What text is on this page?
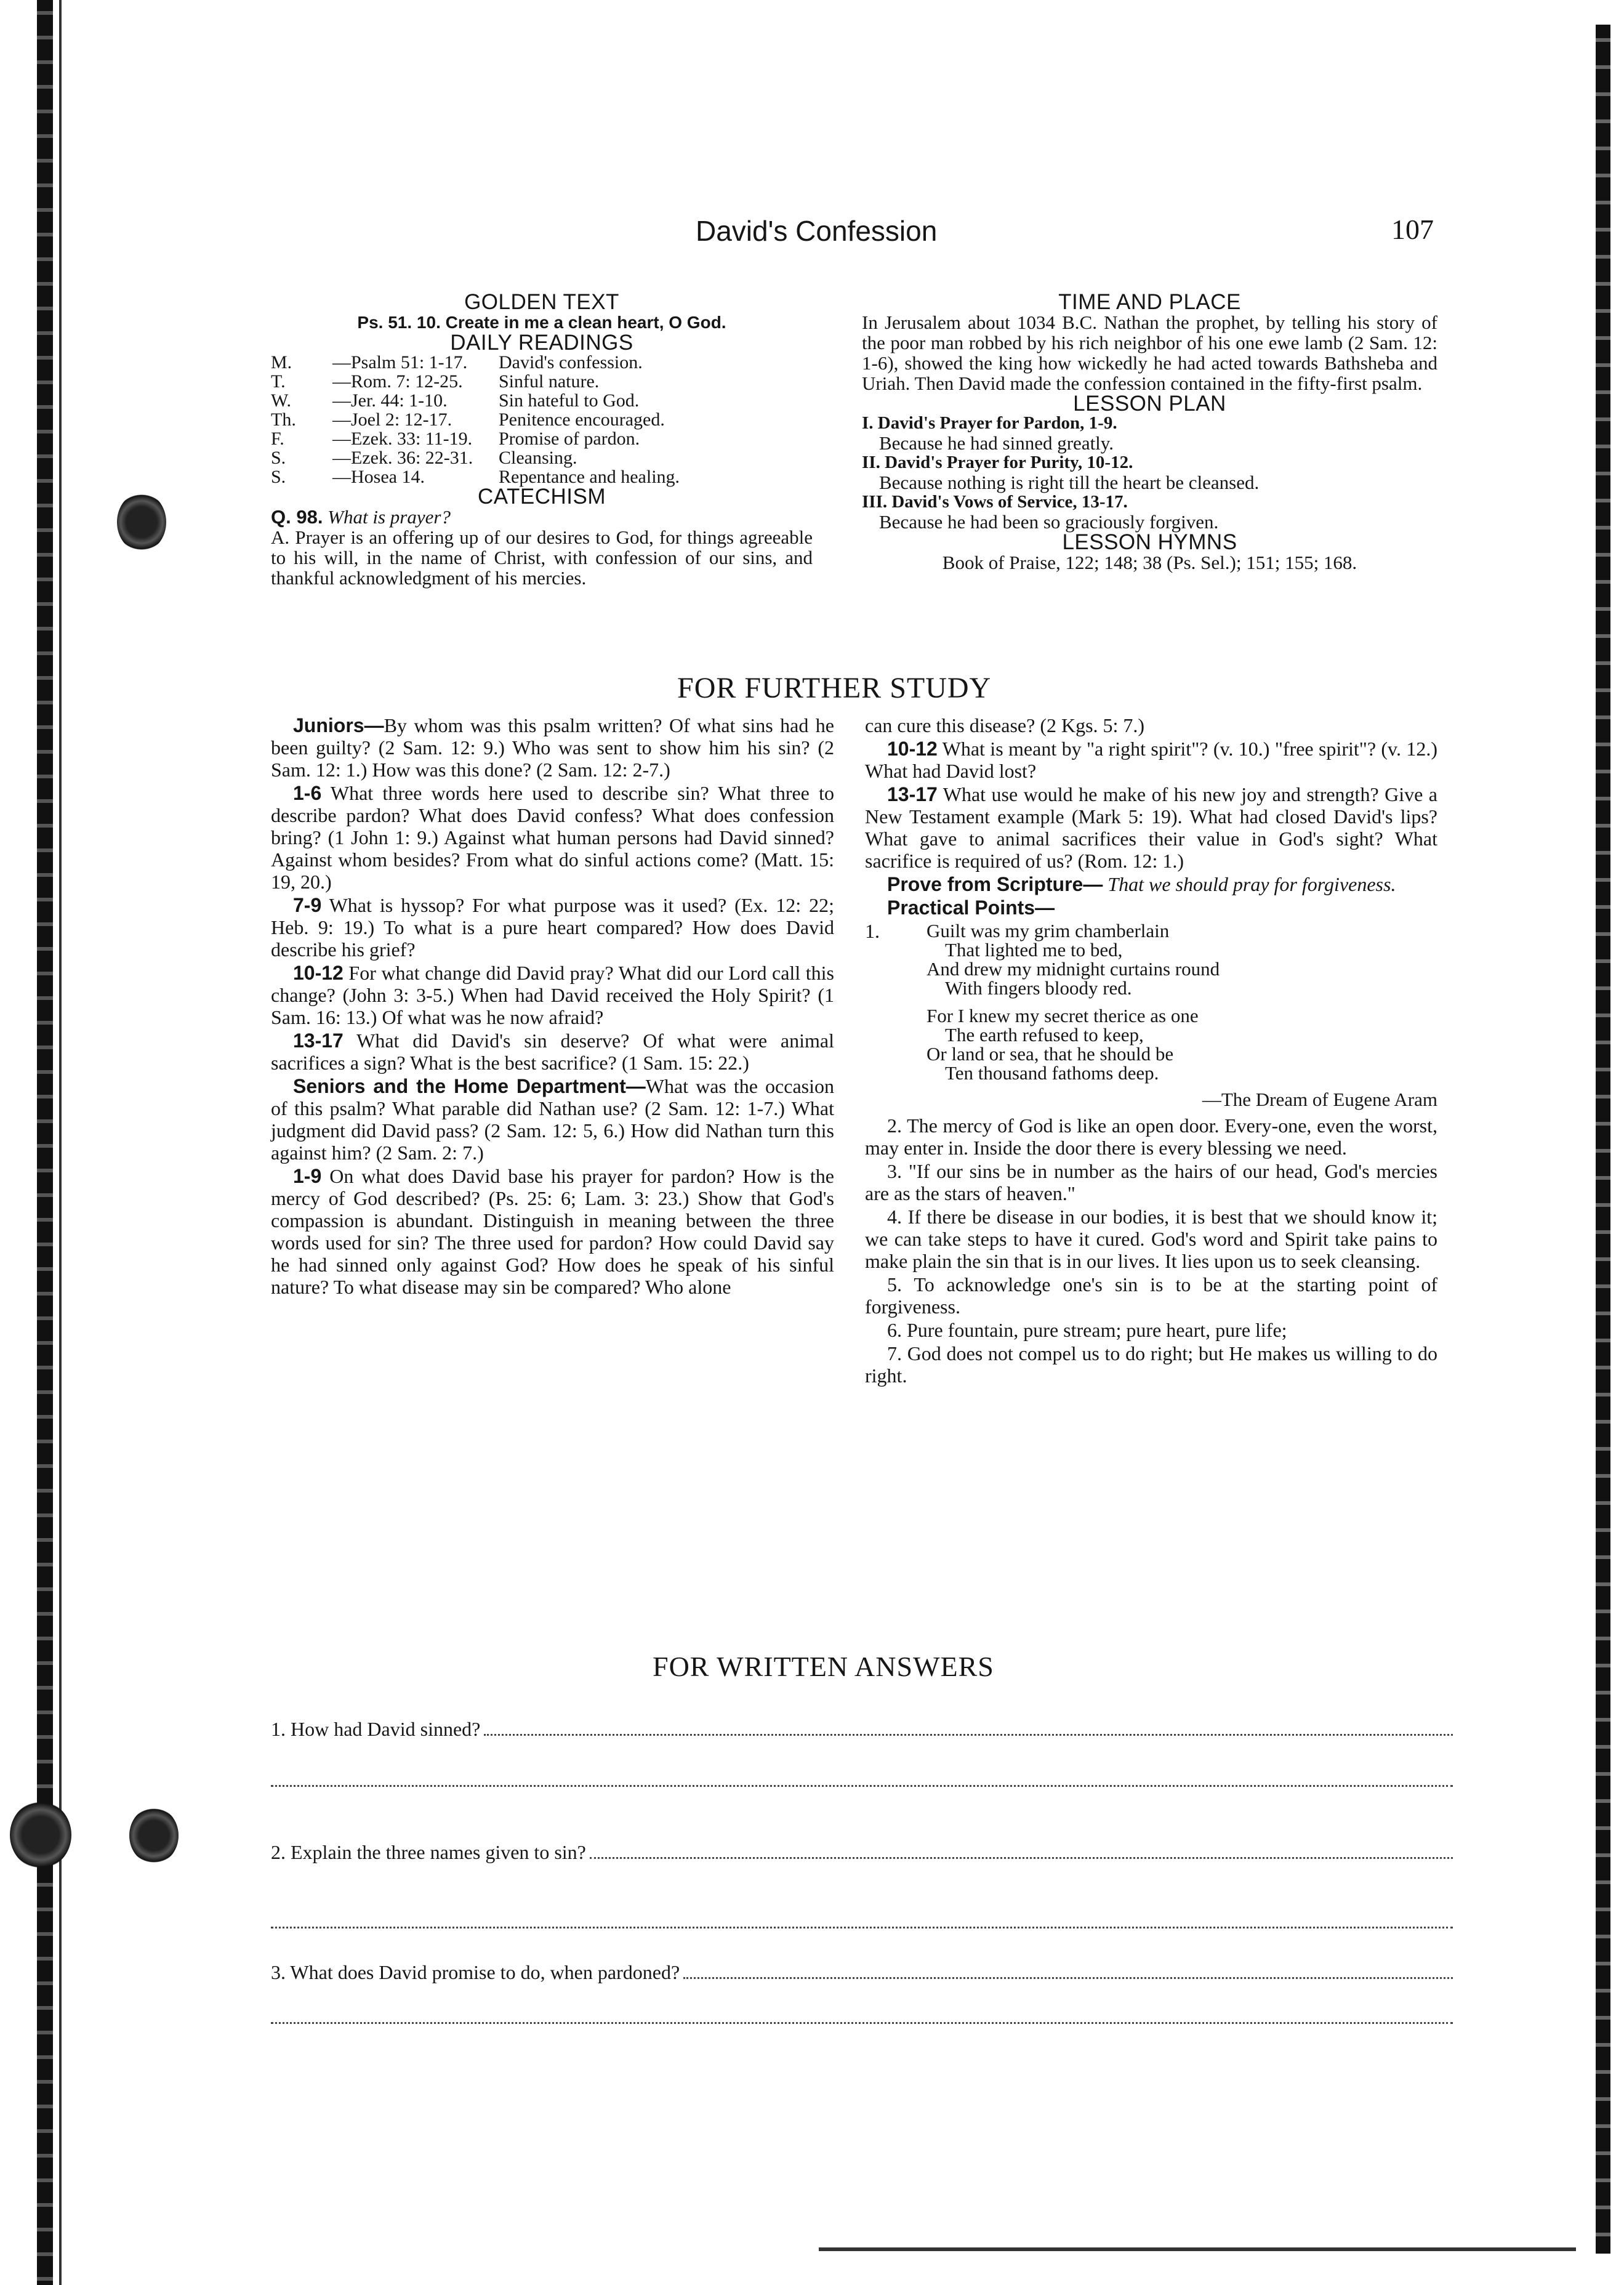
David's Confession	107
GOLDEN TEXT
Ps. 51. 10. Create in me a clean heart, O God.
DAILY READINGS
M.	—Psalm 51: 1-17.	David's confession.
T.	—Rom. 7: 12-25.	Sinful nature.
W.	—Jer. 44: 1-10.	Sin hateful to God.
Th.	—Joel 2: 12-17.	Penitence encouraged.
F.	—Ezek. 33: 11-19.	Promise of pardon.
S.	—Ezek. 36: 22-31.	Cleansing.
S.	—Hosea 14.	Repentance and healing.
CATECHISM
Q. 98. What is prayer?
A. Prayer is an offering up of our desires to God, for things agreeable to his will, in the name of Christ, with confession of our sins, and thankful acknowledgment of his mercies.
TIME AND PLACE
In Jerusalem about 1034 B.C. Nathan the prophet, by telling his story of the poor man robbed by his rich neighbor of his one ewe lamb (2 Sam. 12: 1-6), showed the king how wickedly he had acted towards Bathsheba and Uriah. Then David made the confession contained in the fifty-first psalm.
LESSON PLAN
I. David's Prayer for Pardon, 1-9.
Because he had sinned greatly.
II. David's Prayer for Purity, 10-12.
Because nothing is right till the heart be cleansed.
III. David's Vows of Service, 13-17.
Because he had been so graciously forgiven.
LESSON HYMNS
Book of Praise, 122; 148; 38 (Ps. Sel.); 151; 155; 168.
FOR FURTHER STUDY

Juniors—By whom was this psalm written? Of what sins had he been guilty? (2 Sam. 12: 9.) Who was sent to show him his sin? (2 Sam. 12: 1.) How was this done? (2 Sam. 12: 2-7.)

1-6 What three words here used to describe sin? What three to describe pardon? What does David confess? What does confession bring? (1 John 1: 9.) Against what human persons had David sinned? Against whom besides? From what do sinful actions come? (Matt. 15: 19, 20.)

7-9 What is hyssop? For what purpose was it used? (Ex. 12: 22; Heb. 9: 19.) To what is a pure heart compared? How does David describe his grief?

10-12 For what change did David pray? What did our Lord call this change? (John 3: 3-5.) When had David received the Holy Spirit? (1 Sam. 16: 13.) Of what was he now afraid?

13-17 What did David's sin deserve? Of what were animal sacrifices a sign? What is the best sacrifice? (1 Sam. 15: 22.)

Seniors and the Home Department—What was the occasion of this psalm? What parable did Nathan use? (2 Sam. 12: 1-7.) What judgment did David pass? (2 Sam. 12: 5, 6.) How did Nathan turn this against him? (2 Sam. 2: 7.)

1-9 On what does David base his prayer for pardon? How is the mercy of God described? (Ps. 25: 6; Lam. 3: 23.) Show that God's compassion is abundant. Distinguish in meaning between the three words used for sin? The three used for pardon? How could David say he had sinned only against God? How does he speak of his sinful nature? To what disease may sin be compared? Who alone

can cure this disease? (2 Kgs. 5: 7.)

10-12 What is meant by "a right spirit"? (v. 10.) "free spirit"? (v. 12.) What had David lost?

13-17 What use would he make of his new joy and strength? Give a New Testament example (Mark 5: 19). What had closed David's lips? What gave to animal sacrifices their value in God's sight? What sacrifice is required of us? (Rom. 12: 1.)

Prove from Scripture— That we should pray for forgiveness.

Practical Points—

1.	Guilt was my grim chamberlain
That lighted me to bed,
And drew my midnight curtains round
With fingers bloody red.
For I knew my secret therice as one
The earth refused to keep,
Or land or sea, that he should be
Ten thousand fathoms deep.
—The Dream of Eugene Aram

2. The mercy of God is like an open door. Every-one, even the worst, may enter in. Inside the door there is every blessing we need.

3. "If our sins be in number as the hairs of our head, God's mercies are as the stars of heaven."

4. If there be disease in our bodies, it is best that we should know it; we can take steps to have it cured. God's word and Spirit take pains to make plain the sin that is in our lives. It lies upon us to seek cleansing.

5. To acknowledge one's sin is to be at the starting point of forgiveness.

6. Pure fountain, pure stream; pure heart, pure life;

7. God does not compel us to do right; but He makes us willing to do right.

FOR WRITTEN ANSWERS
1. How had David sinned?
2. Explain the three names given to sin?
3. What does David promise to do, when pardoned?
